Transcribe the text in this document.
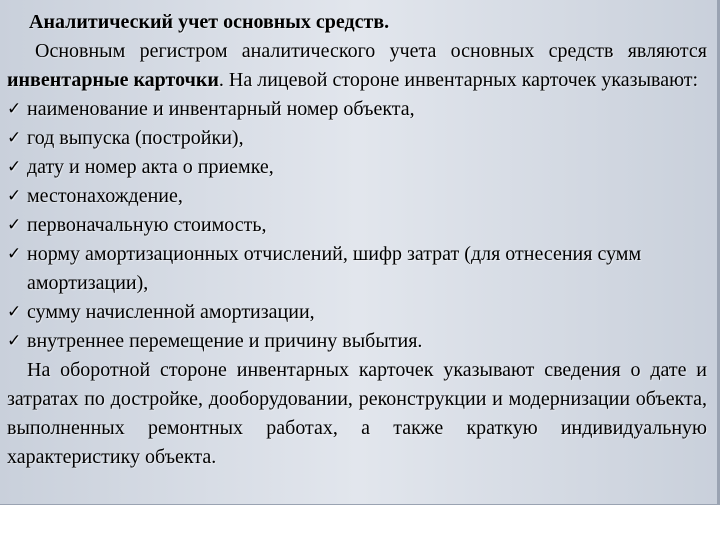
Аналитический учет основных средств.

Основным регистром аналитического учета основных средств являются инвентарные карточки. На лицевой стороне инвентарных карточек указывают:

✓ наименование и инвентарный номер объекта,
✓ год выпуска (постройки),
✓ дату и номер акта о приемке,
✓ местонахождение,
✓ первоначальную стоимость,
✓ норму амортизационных отчислений, шифр затрат (для отнесения сумм амортизации),
✓ сумму начисленной амортизации,
✓ внутреннее перемещение и причину выбытия.

На оборотной стороне инвентарных карточек указывают сведения о дате и затратах по достройке, дооборудовании, реконструкции и модернизации объекта, выполненных ремонтных работах, а также краткую индивидуальную характеристику объекта.
